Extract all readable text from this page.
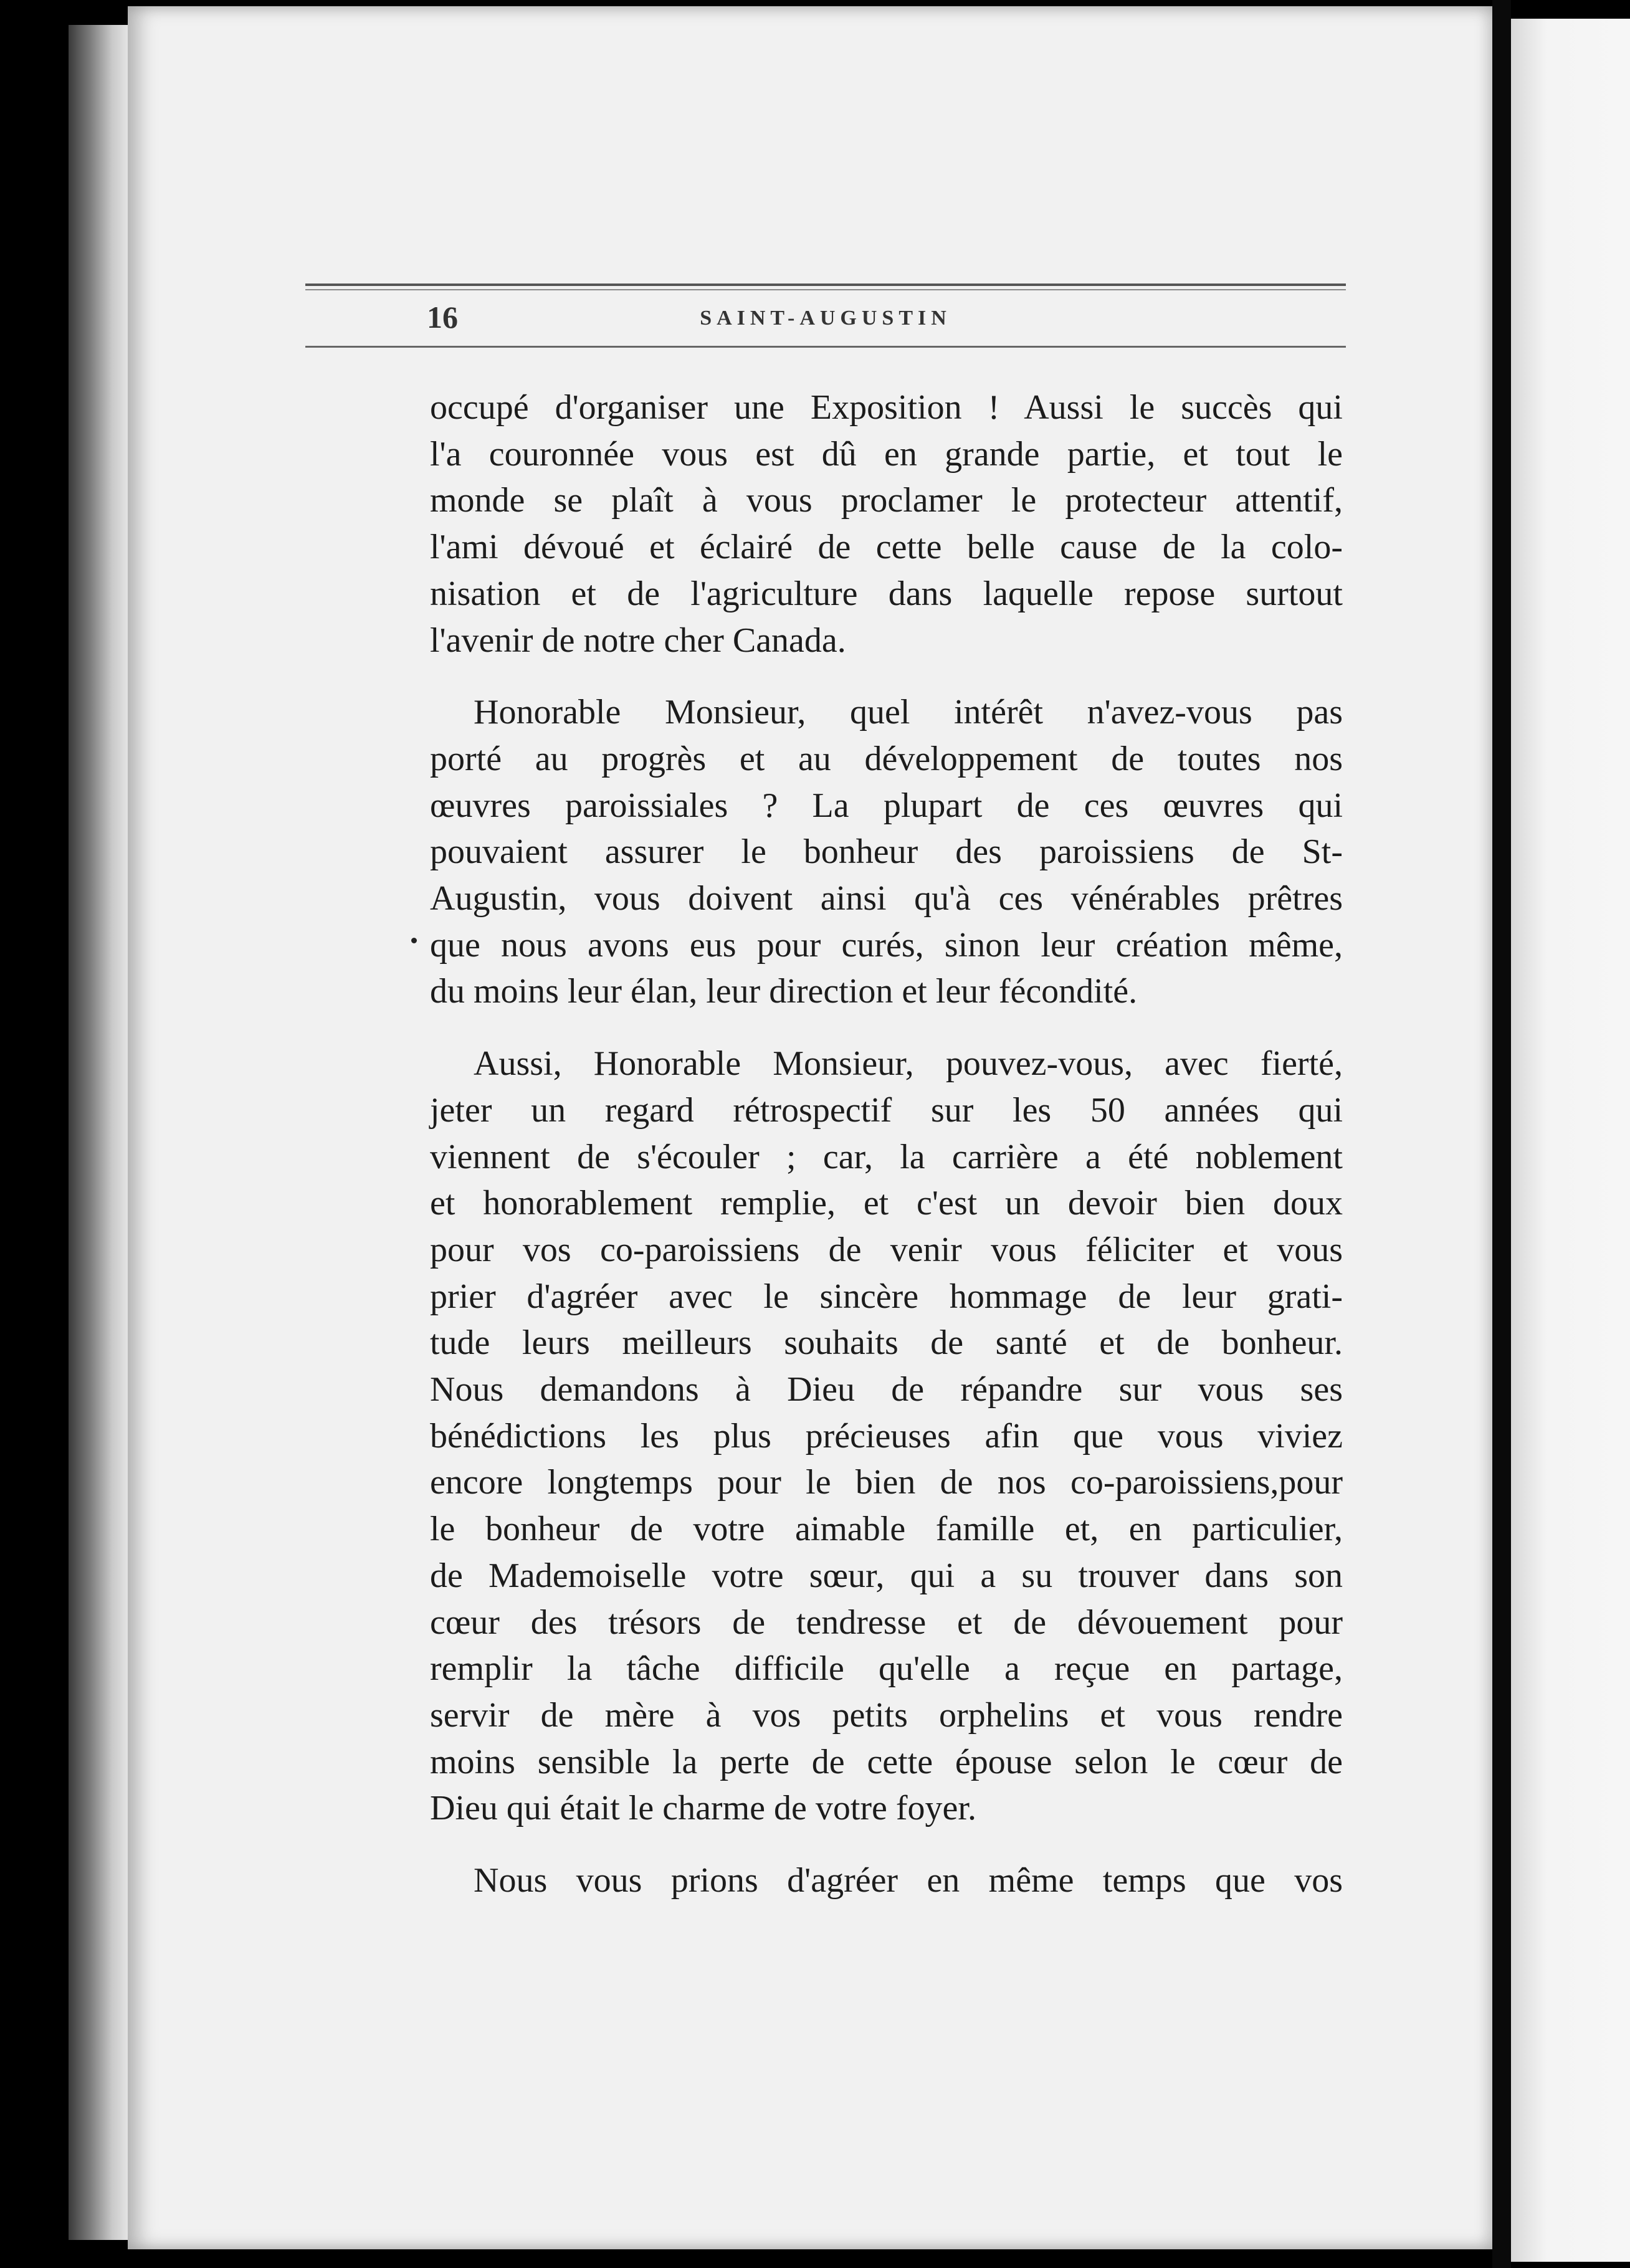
16	SAINT-AUGUSTIN
occupé d'organiser une Exposition ! Aussi le succès qui
l'a couronnée vous est dû en grande partie, et tout le
monde se plaît à vous proclamer le protecteur attentif,
l'ami dévoué et éclairé de cette belle cause de la colo-
nisation et de l'agriculture dans laquelle repose surtout
l'avenir de notre cher Canada.
Honorable Monsieur, quel intérêt n'avez-vous pas
porté au progrès et au développement de toutes nos
œuvres paroissiales ? La plupart de ces œuvres qui
pouvaient assurer le bonheur des paroissiens de St-
Augustin, vous doivent ainsi qu'à ces vénérables prêtres
que nous avons eus pour curés, sinon leur création même,
du moins leur élan, leur direction et leur fécondité.
Aussi, Honorable Monsieur, pouvez-vous, avec fierté,
jeter un regard rétrospectif sur les 50 années qui
viennent de s'écouler ; car, la carrière a été noblement
et honorablement remplie, et c'est un devoir bien doux
pour vos co-paroissiens de venir vous féliciter et vous
prier d'agréer avec le sincère hommage de leur grati-
tude leurs meilleurs souhaits de santé et de bonheur.
Nous demandons à Dieu de répandre sur vous ses
bénédictions les plus précieuses afin que vous viviez
encore longtemps pour le bien de nos co-paroissiens,pour
le bonheur de votre aimable famille et, en particulier,
de Mademoiselle votre sœur, qui a su trouver dans son
cœur des trésors de tendresse et de dévouement pour
remplir la tâche difficile qu'elle a reçue en partage,
servir de mère à vos petits orphelins et vous rendre
moins sensible la perte de cette épouse selon le cœur de
Dieu qui était le charme de votre foyer.
Nous vous prions d'agréer en même temps que vos
